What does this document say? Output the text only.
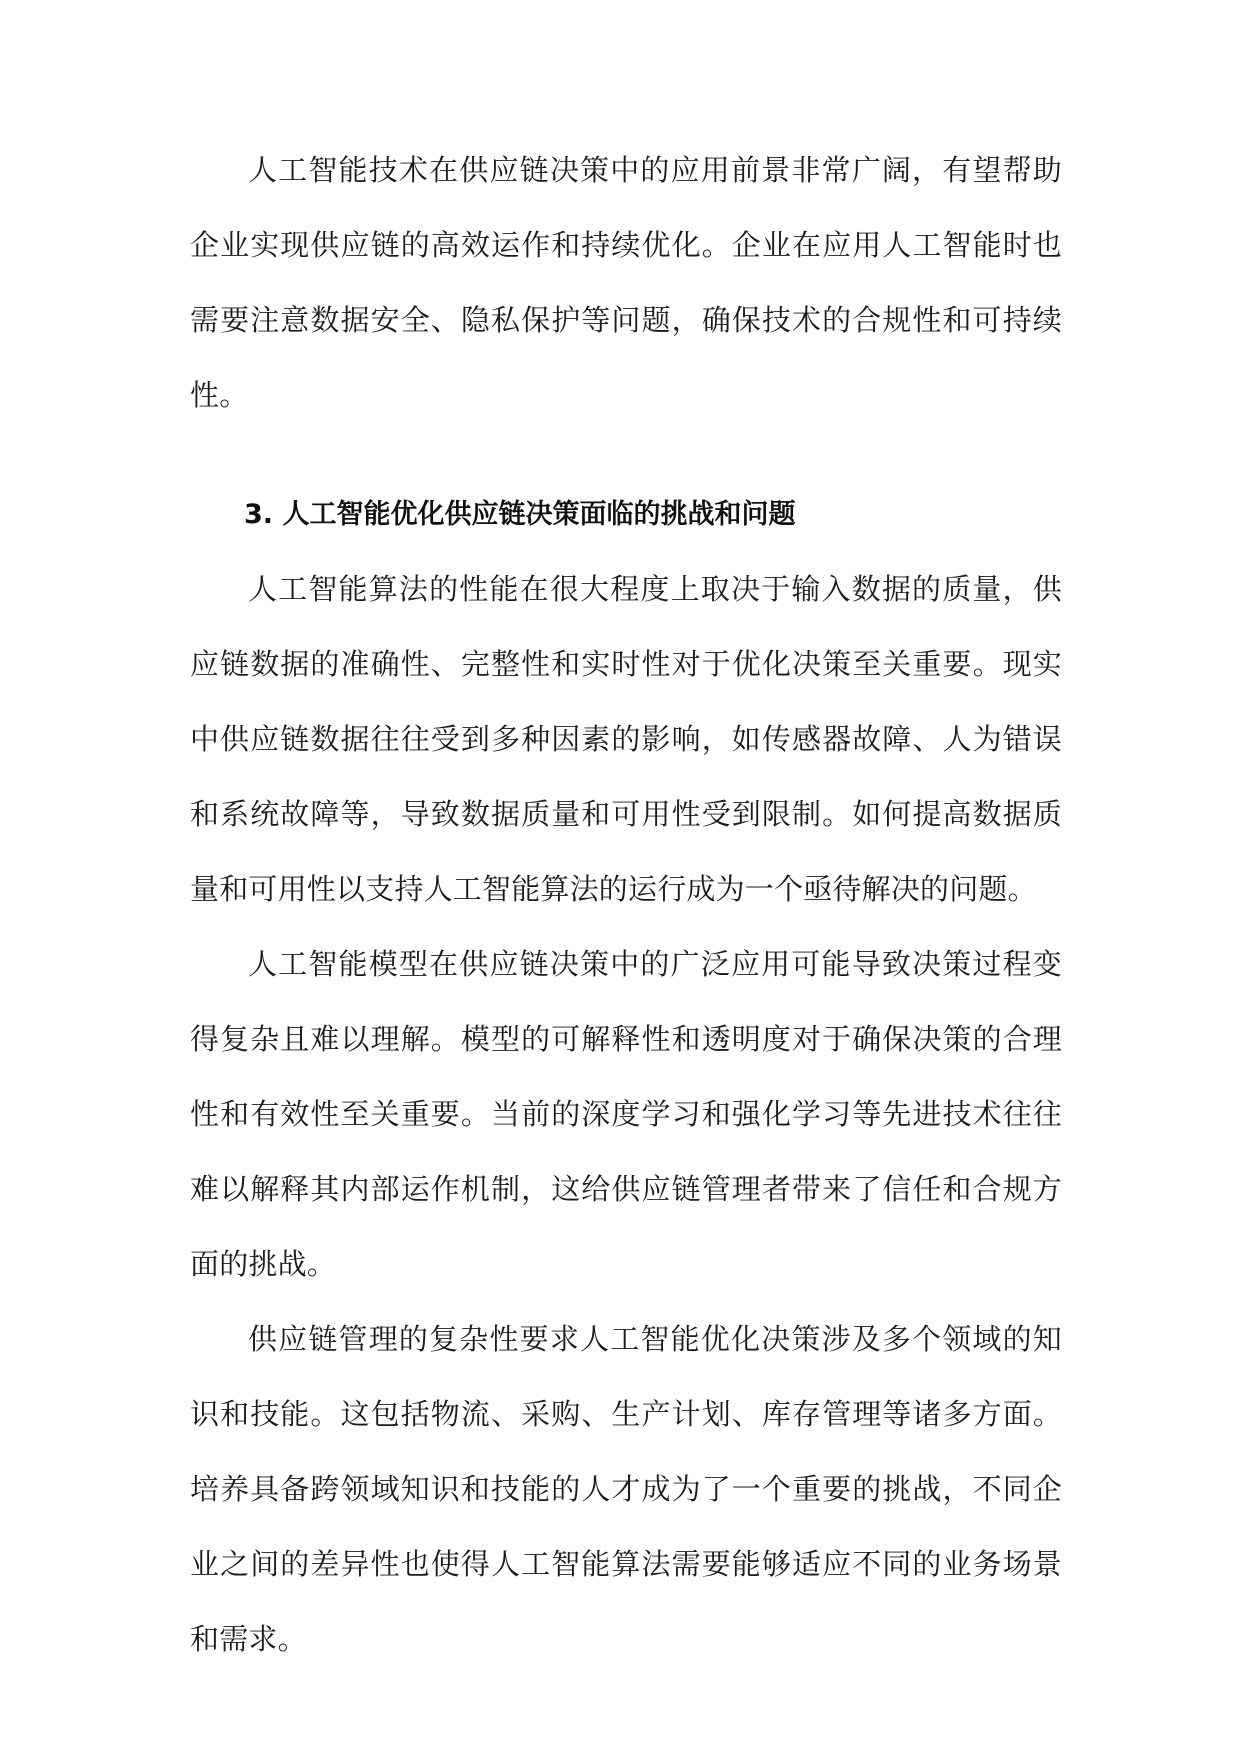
人工智能技术在供应链决策中的应用前景非常广阔，有望帮助企业实现供应链的高效运作和持续优化。企业在应用人工智能时也需要注意数据安全、隐私保护等问题，确保技术的合规性和可持续性。

3. 人工智能优化供应链决策面临的挑战和问题

人工智能算法的性能在很大程度上取决于输入数据的质量，供应链数据的准确性、完整性和实时性对于优化决策至关重要。现实中供应链数据往往受到多种因素的影响，如传感器故障、人为错误和系统故障等，导致数据质量和可用性受到限制。如何提高数据质量和可用性以支持人工智能算法的运行成为一个亟待解决的问题。

人工智能模型在供应链决策中的广泛应用可能导致决策过程变得复杂且难以理解。模型的可解释性和透明度对于确保决策的合理性和有效性至关重要。当前的深度学习和强化学习等先进技术往往难以解释其内部运作机制，这给供应链管理者带来了信任和合规方面的挑战。

供应链管理的复杂性要求人工智能优化决策涉及多个领域的知识和技能。这包括物流、采购、生产计划、库存管理等诸多方面。培养具备跨领域知识和技能的人才成为了一个重要的挑战，不同企业之间的差异性也使得人工智能算法需要能够适应不同的业务场景和需求。
